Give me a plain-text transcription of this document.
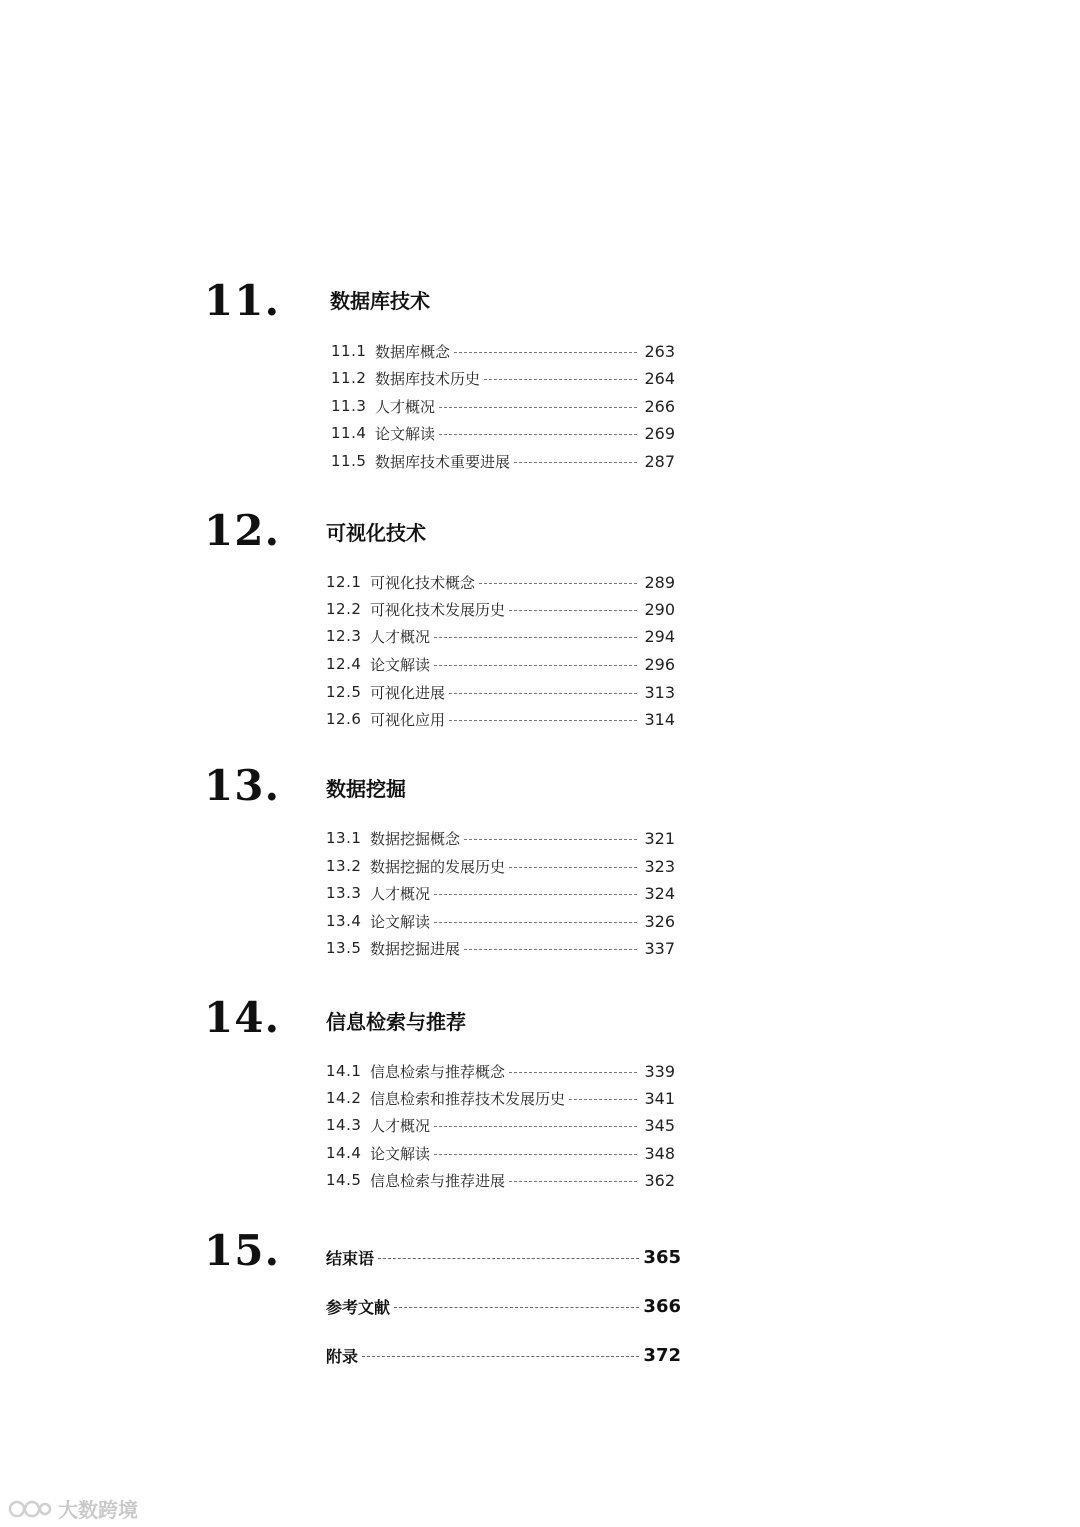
11. 数据库技术
11.1 数据库概念	263
11.2 数据库技术历史	264
11.3 人才概况	266
11.4 论文解读	269
11.5 数据库技术重要进展	287
12. 可视化技术
12.1 可视化技术概念	289
12.2 可视化技术发展历史	290
12.3 人才概况	294
12.4 论文解读	296
12.5 可视化进展	313
12.6 可视化应用	314
13. 数据挖掘
13.1 数据挖掘概念	321
13.2 数据挖掘的发展历史	323
13.3 人才概况	324
13.4 论文解读	326
13.5 数据挖掘进展	337
14. 信息检索与推荐
14.1 信息检索与推荐概念	339
14.2 信息检索和推荐技术发展历史	341
14.3 人才概况	345
14.4 论文解读	348
14.5 信息检索与推荐进展	362
15.	结束语	365
参考文献	366
附录	372
大数跨境
